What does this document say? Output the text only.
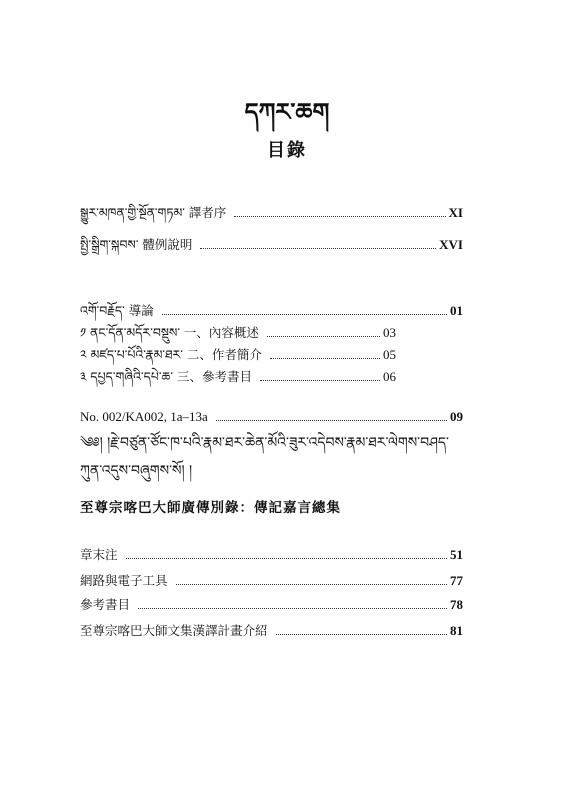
དཀར་ཆག
目錄
སྒྱུར་མཁན་གྱི་སྔོན་གཏམ་ 譯者序	XI
སྤྱི་སྒྲིག་སྐབས་ 體例說明	XVI
འགོ་བརྗོད་ 導論	01
༡ ནང་དོན་མདོར་བསྡུས་ 一、內容概述	03
༢ མཛད་པ་པོའི་རྣམ་ཐར་ 二、作者簡介	05
༣ དཔྱད་གཞིའི་དཔེ་ཆ་ 三、參考書目	06
No. 002/KA002, 1a–13a	09
༄༅། །རྗེ་བཙུན་ཙོང་ཁ་པའི་རྣམ་ཐར་ཆེན་མོའི་ཟུར་འདེབས་རྣམ་ཐར་ལེགས་བཤད་
ཀུན་འདུས་བཞུགས་སོ། །
至尊宗喀巴大師廣傳別錄：傳記嘉言總集
章末注	51
網路與電子工具	77
參考書目	78
至尊宗喀巴大師文集漢譯計畫介紹	81
